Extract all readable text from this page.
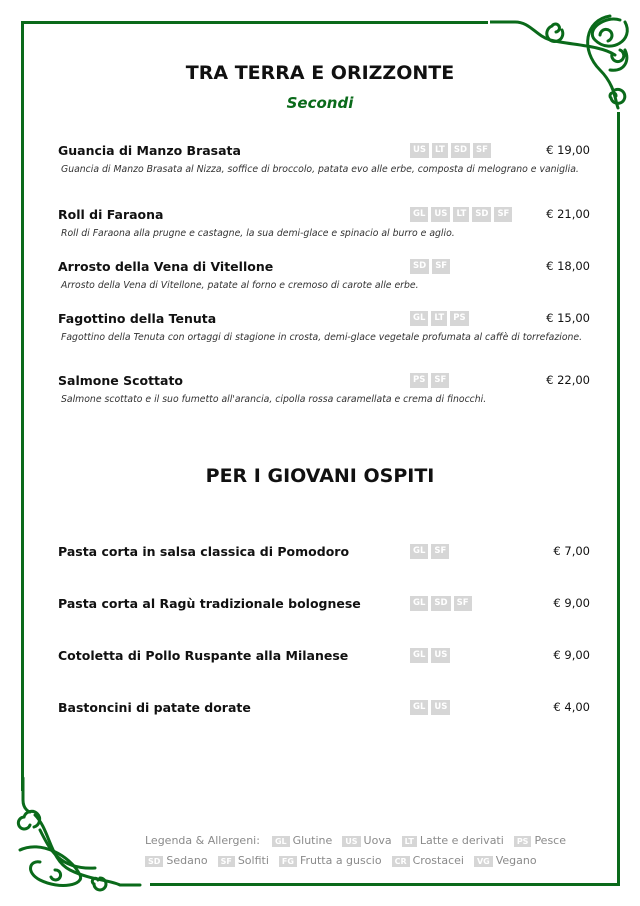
TRA TERRA E ORIZZONTE
Secondi
Guancia di Manzo Brasata
Guancia di Manzo Brasata al Nizza, soffice di broccolo, patata evo alle erbe, composta di melograno e vaniglia.
US	LT	SD	SF	€ 19,00
Roll di Faraona
Roll di Faraona alla prugne e castagne, la sua demi-glace e spinacio al burro e aglio.
GL	US	LT	SD	SF	€ 21,00
Arrosto della Vena di Vitellone
Arrosto della Vena di Vitellone, patate al forno e cremoso di carote alle erbe.
SD	SF	€ 18,00
Fagottino della Tenuta
Fagottino della Tenuta con ortaggi di stagione in crosta, demi-glace vegetale profumata al caffè di torrefazione.
GL	LT	PS	€ 15,00
Salmone Scottato
Salmone scottato e il suo fumetto all'arancia, cipolla rossa caramellata e crema di finocchi.
PS	SF	€ 22,00
PER I GIOVANI OSPITI
Pasta corta in salsa classica di Pomodoro	GL	SF	€ 7,00
Pasta corta al Ragù tradizionale bolognese	GL	SD	SF	€ 9,00
Cotoletta di Pollo Ruspante alla Milanese	GL	US	€ 9,00
Bastoncini di patate dorate	GL	US	€ 4,00
Legenda & Allergeni: GL Glutine US Uova LT Latte e derivati PS Pesce
SD Sedano SF Solfiti FG Frutta a guscio CR Crostacei VG Vegano
